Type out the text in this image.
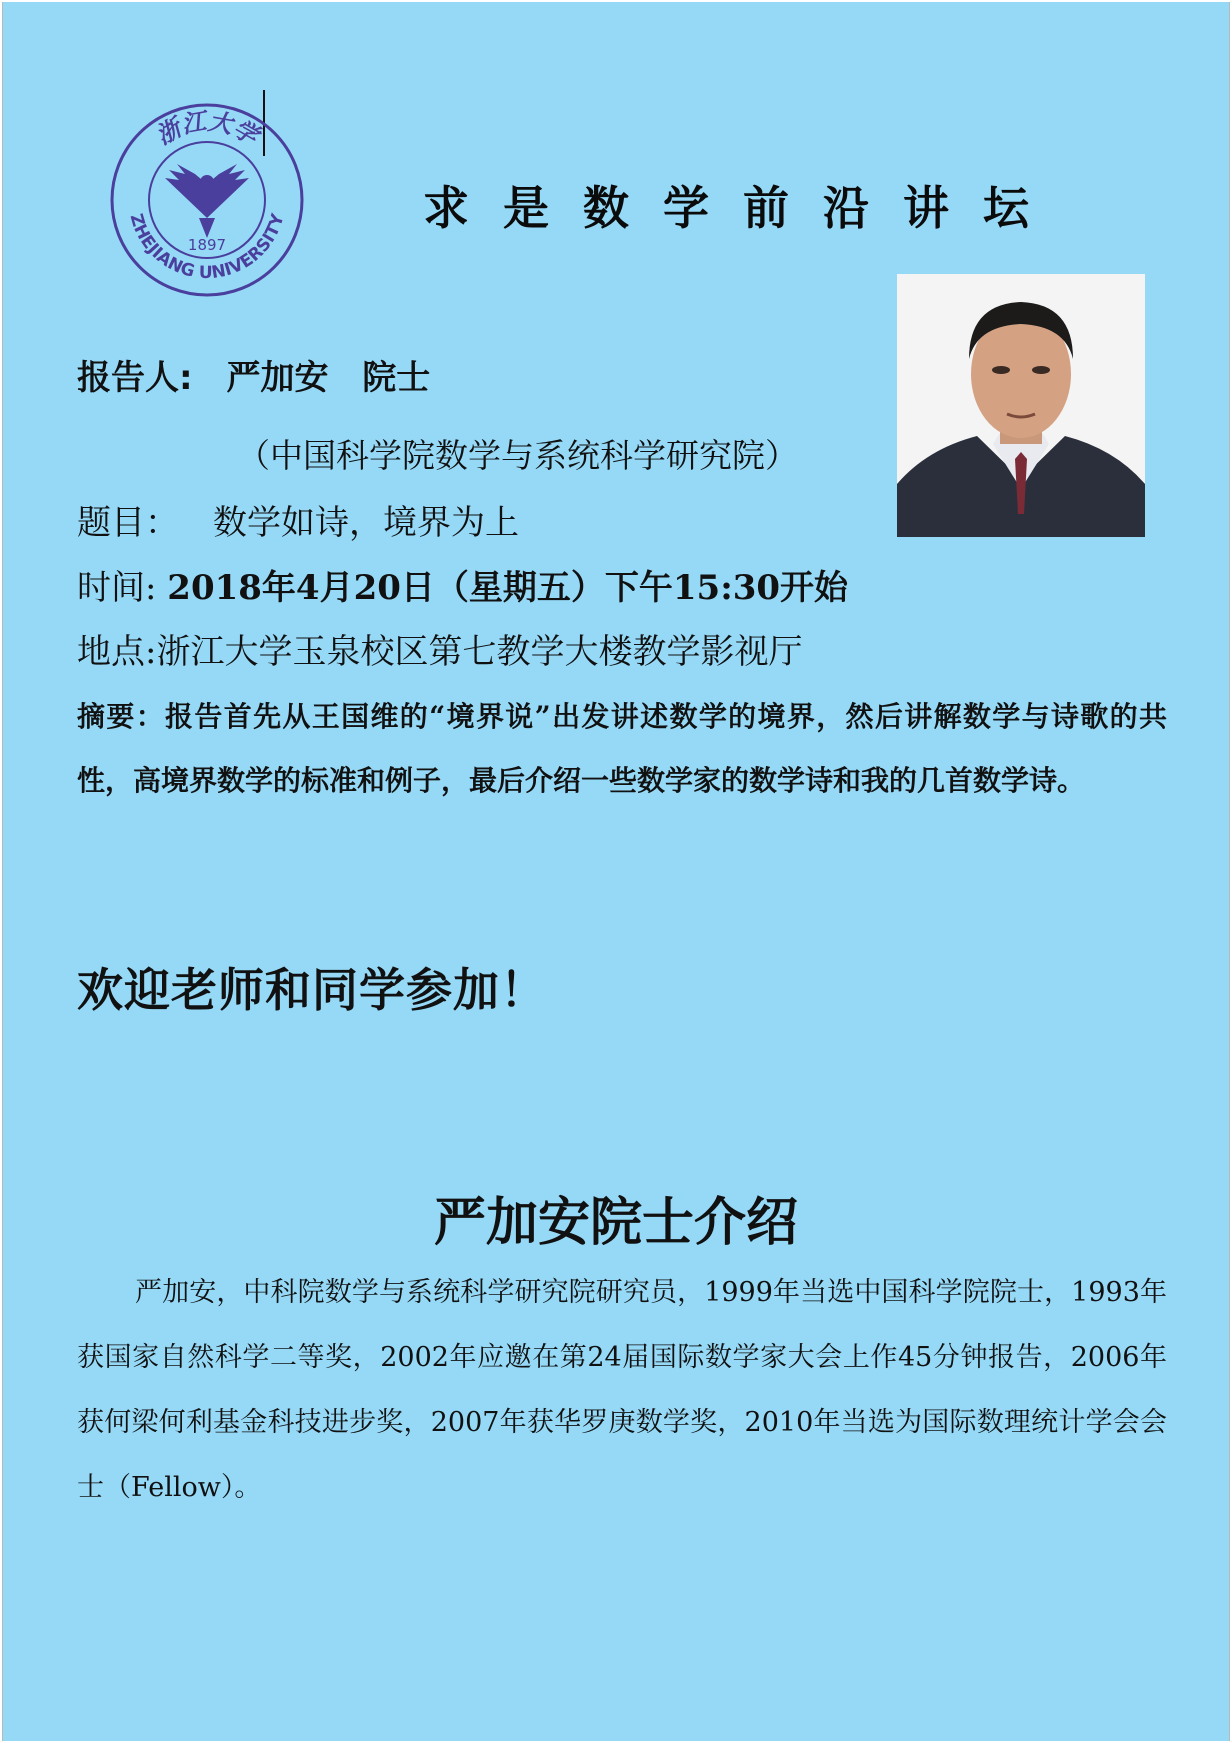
浙江大学
ZHEJIANG UNIVERSITY
1897
求是数学前沿讲坛
报告人: 严加安 院士
（中国科学院数学与系统科学研究院）
题目： 数学如诗，境界为上
时间: 2018年4月20日（星期五）下午15:30开始
地点:浙江大学玉泉校区第七教学大楼教学影视厅
摘要：报告首先从王国维的“境界说”出发讲述数学的境界，然后讲解数学与诗歌的共性，高境界数学的标准和例子，最后介绍一些数学家的数学诗和我的几首数学诗。
欢迎老师和同学参加！
严加安院士介绍
严加安，中科院数学与系统科学研究院研究员，1999年当选中国科学院院士，1993年获国家自然科学二等奖，2002年应邀在第24届国际数学家大会上作45分钟报告，2006年获何梁何利基金科技进步奖，2007年获华罗庚数学奖，2010年当选为国际数理统计学会会士（Fellow）。
